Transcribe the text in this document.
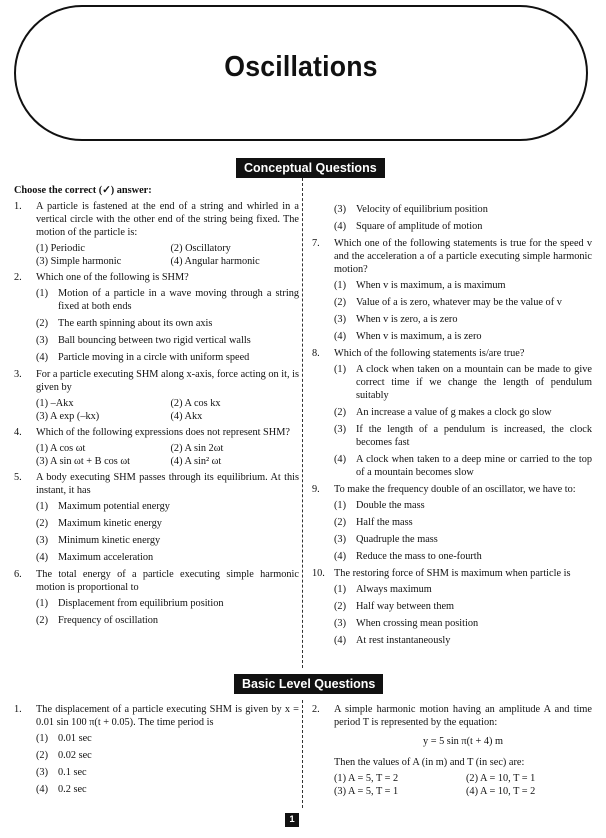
Oscillations
Conceptual Questions
Choose the correct (✓) answer:
1. A particle is fastened at the end of a string and whirled in a vertical circle with the other end of the string being fixed. The motion of the particle is:
(1) Periodic	(2) Oscillatory
(3) Simple harmonic	(4) Angular harmonic
2. Which one of the following is SHM?
(1) Motion of a particle in a wave moving through a string fixed at both ends
(2) The earth spinning about its own axis
(3) Ball bouncing between two rigid vertical walls
(4) Particle moving in a circle with uniform speed
3. For a particle executing SHM along x-axis, force acting on it, is given by
(1) –Akx	(2) A cos kx
(3) A exp (–kx)	(4) Akx
4. Which of the following expressions does not represent SHM?
(1) A cos ωt	(2) A sin 2ωt
(3) A sin ωt + B cos ωt	(4) A sin² ωt
5. A body executing SHM passes through its equilibrium. At this instant, it has
(1) Maximum potential energy
(2) Maximum kinetic energy
(3) Minimum kinetic energy
(4) Maximum acceleration
6. The total energy of a particle executing simple harmonic motion is proportional to
(1) Displacement from equilibrium position
(2) Frequency of oscillation
(3) Velocity of equilibrium position
(4) Square of amplitude of motion
7. Which one of the following statements is true for the speed v and the acceleration a of a particle executing simple harmonic motion?
(1) When v is maximum, a is maximum
(2) Value of a is zero, whatever may be the value of v
(3) When v is zero, a is zero
(4) When v is maximum, a is zero
8. Which of the following statements is/are true?
(1) A clock when taken on a mountain can be made to give correct time if we change the length of pendulum suitably
(2) An increase a value of g makes a clock go slow
(3) If the length of a pendulum is increased, the clock becomes fast
(4) A clock when taken to a deep mine or carried to the top of a mountain becomes slow
9. To make the frequency double of an oscillator, we have to:
(1) Double the mass
(2) Half the mass
(3) Quadruple the mass
(4) Reduce the mass to one-fourth
10. The restoring force of SHM is maximum when particle is
(1) Always maximum
(2) Half way between them
(3) When crossing mean position
(4) At rest instantaneously
Basic Level Questions
1. The displacement of a particle executing SHM is given by x = 0.01 sin 100 π(t + 0.05). The time period is
(1) 0.01 sec
(2) 0.02 sec
(3) 0.1 sec
(4) 0.2 sec
2. A simple harmonic motion having an amplitude A and time period T is represented by the equation:
y = 5 sin π(t + 4) m
Then the values of A (in m) and T (in sec) are:
(1) A = 5, T = 2	(2) A = 10, T = 1
(3) A = 5, T = 1	(4) A = 10, T = 2
1
